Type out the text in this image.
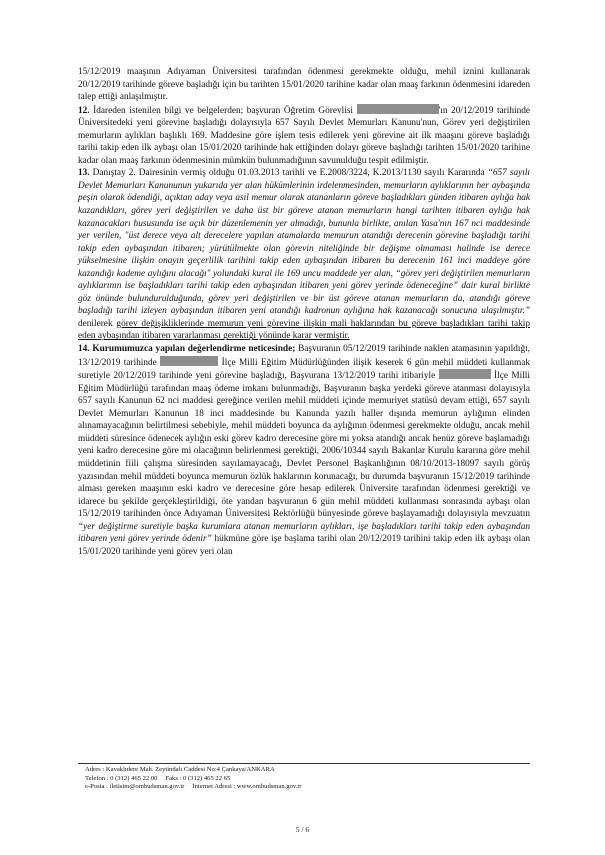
15/12/2019 maaşının Adıyaman Üniversitesi tarafından ödenmesi gerekmekte olduğu, mehil iznini kullanarak 20/12/2019 tarihinde göreve başladığı için bu tarihten 15/01/2020 tarihine kadar olan maaş farkının ödenmesini idareden talep ettiği anlaşılmıştır.

12. İdareden istenilen bilgi ve belgelerden; başvuran Öğretim Görevlisi	'ın 20/12/2019 tarihinde Üniversitedeki yeni görevine başladığı dolayısıyla 657 Sayılı Devlet Memurları Kanunu'nun, Görev yeri değiştirilen memurların aylıkları başlıklı 169. Maddesine göre işlem tesis edilerek yeni görevine ait ilk maaşını göreve başladığı tarihi takip eden ilk aybaşı olan 15/01/2020 tarihinde hak ettiğinden dolayı göreve başladığı tarihten 15/01/2020 tarihine kadar olan maaş farkının ödenmesinin mümkün bulunmadığının savunulduğu tespit edilmiştir.

13. Danıştay 2. Dairesinin vermiş olduğu 01.03.2013 tarihli ve E.2008/3224, K.2013/1130 sayılı Kararında “657 sayılı Devlet Memurları Kanununun yukarıda yer alan hükümlerinin irdelenmesinden, memurların aylıklarının her aybaşında peşin olarak ödendiği, açıktan aday veya asıl memur olarak atananların göreve başladıkları günden itibaren aylığa hak kazandıkları, görev yeri değiştirilen ve daha üst bir göreve atanan memurların hangi tarihten itibaren aylığa hak kazanacakları hususunda ise açık bir düzenlemenin yer almadığı, bununla birlikte, anılan Yasa'nın 167 nci maddesinde yer verilen, "üst derece veya alt derecelere yapılan atamalarda memurun atandığı derecenin görevine başladığı tarihi takip eden aybaşından itibaren; yürütülmekte olan görevin niteliğinde bir değişme olmaması halinde ise derece yükselmesine ilişkin onayın geçerlilik tarihini takip eden aybaşından itibaren bu derecenin 161 inci maddeye göre kazandığı kademe aylığını alacağı" yolundaki kural ile 169 uncu maddede yer alan, “görev yeri değiştirilen memurların aylıklarının ise başladıkları tarihi takip eden aybaşından itibaren yeni görev yerinde ödeneceğine” dair kural birlikte göz önünde bulundurulduğunda, görev yeri değiştirilen ve bir üst göreve atanan memurların da, atandığı göreve başladığı tarihi izleyen aybaşından itibaren yeni atandığı kadronun aylığına hak kazanacağı sonucuna ulaşılmıştır.” denilerek görev değişikliklerinde memurun yeni görevine ilişkin mali haklarından bu göreve başladıkları tarihi takip eden aybaşından itibaren yararlanması gerektiği yönünde karar vermiştir.

14. Kurumumuzca yapılan değerlendirme neticesinde; Başvuranın 05/12/2019 tarihinde naklen atamasının yapıldığı, 13/12/2019 tarihinde	İlçe Milli Eğitim Müdürlüğünden ilişik keserek 6 gün mehil müddeti kullanmak suretiyle 20/12/2019 tarihinde yeni görevine başladığı, Başvurana 13/12/2019 tarihi itibariyle	İlçe Milli Eğitim Müdürlüğü tarafından maaş ödeme imkanı bulunmadığı, Başvuranın başka yerdeki göreve atanması dolayısıyla 657 sayılı Kanunun 62 nci maddesi gereğince verilen mehil müddeti içinde memuriyet statüsü devam ettiği, 657 sayılı Devlet Memurları Kanunun 18 inci maddesinde bu Kanunda yazılı haller dışında memurun aylığının elinden alınamayacağının belirtilmesi sebebiyle, mehil müddeti boyunca da aylığının ödenmesi gerekmekte olduğu, ancak mehil müddeti süresince ödenecek aylığın eski görev kadro derecesine göre mi yoksa atandığı ancak henüz göreve başlamadığı yeni kadro derecesine göre mi olacağının belirlenmesi gerektiği, 2006/10344 sayılı Bakanlar Kurulu kararına göre mehil müddetinin fiili çalışma süresinden sayılamayacağı, Devlet Personel Başkanlığının 08/10/2013-18097 sayılı görüş yazısından mehil müddeti boyunca memurun özlük haklarının korunacağı, bu durumda başvuranın 15/12/2019 tarihinde alması gereken maaşının eski kadro ve derecesine göre hesap edilerek Üniversite tarafından ödenmesi gerektiği ve idarece bu şekilde gerçekleştirildiği, öte yandan başvuranın 6 gün mehil müddeti kullanması sonrasında aybaşı olan 15/12/2019 tarihinden önce Adıyaman Üniversitesi Rektörlüğü bünyesinde göreve başlayamadığı dolayısıyla mevzuatın “yer değiştirme suretiyle başka kurumlara atanan memurların aylıkları, işe başladıkları tarihi takip eden aybaşından itibaren yeni görev yerinde ödenir” hükmüne göre işe başlama tarihi olan 20/12/2019 tarihini takip eden ilk aybaşı olan 15/01/2020 tarihinde yeni görev yeri olan

Adres : Kavaklıdere Mah. Zeytindalı Caddesi No:4 Çankaya/ANKARA
Telefon : 0 (312) 465 22 00 Faks : 0 (312) 465 22 65
e-Posta : iletisim@ombudsman.gov.tr İnternet Adresi : www.ombudsman.gov.tr
5 / 6
